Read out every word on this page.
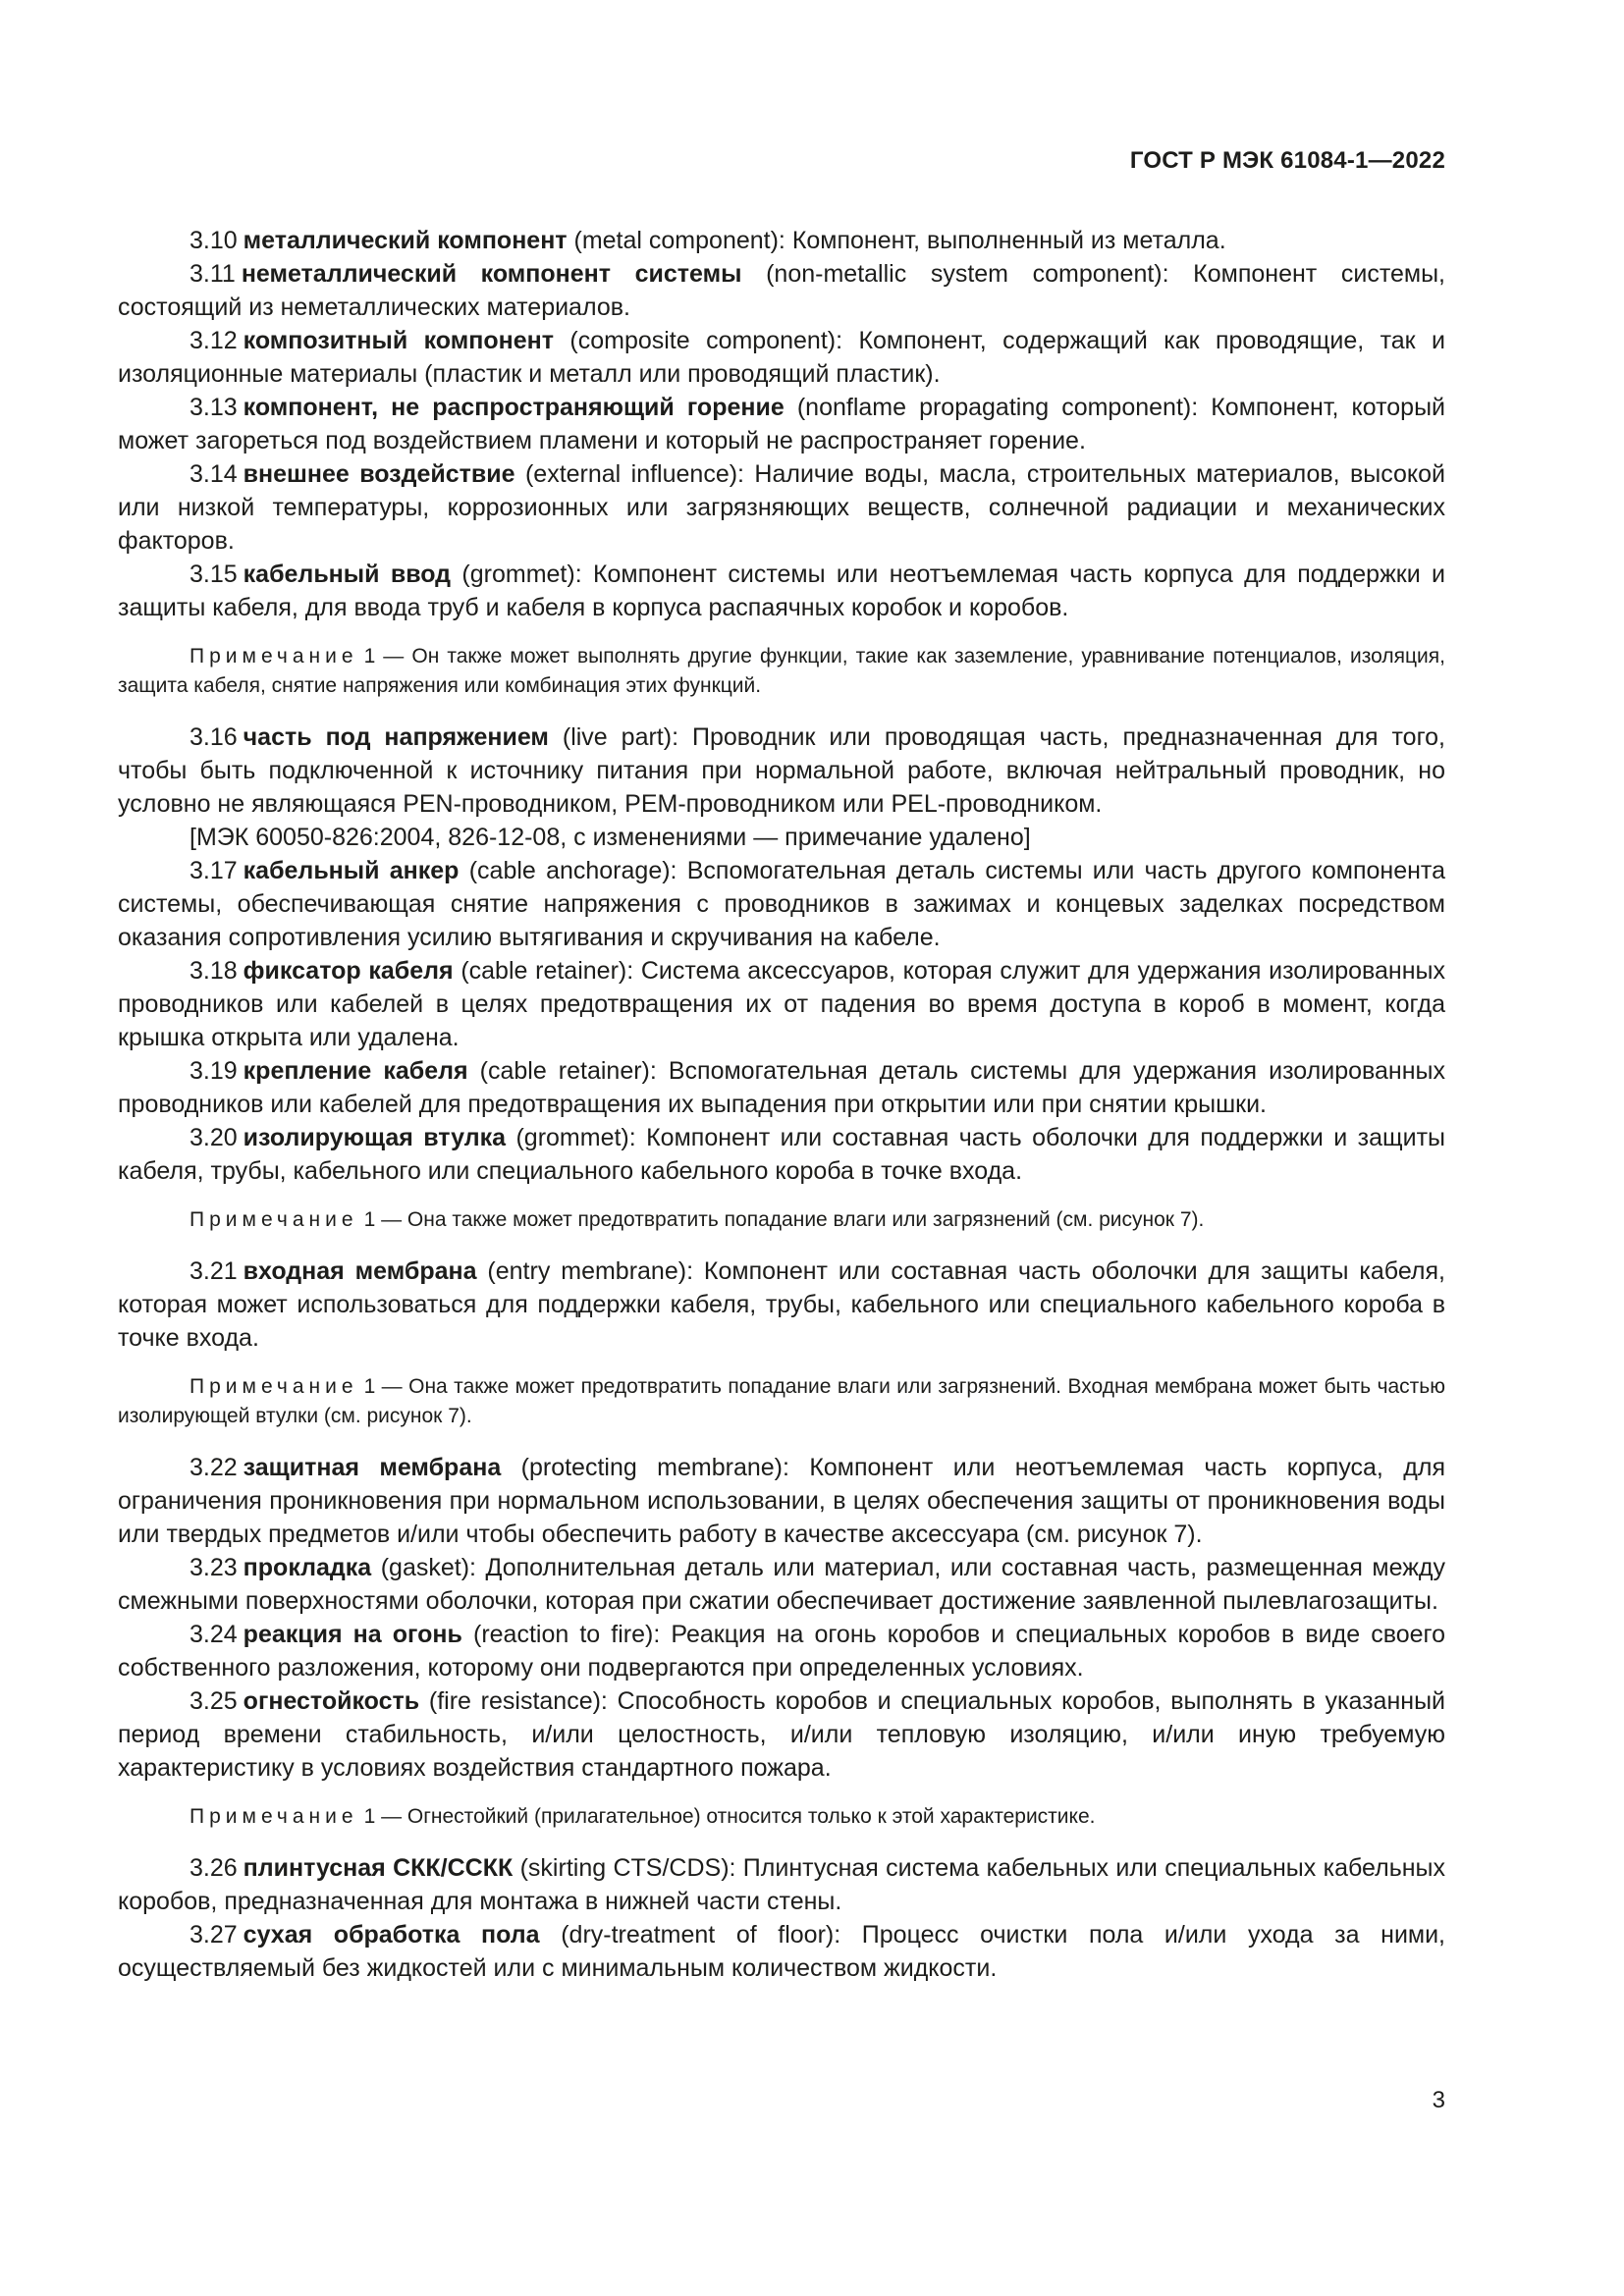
ГОСТ Р МЭК 61084-1—2022

3.10 металлический компонент (metal component): Компонент, выполненный из металла.

3.11 неметаллический компонент системы (non-metallic system component): Компонент системы, состоящий из неметаллических материалов.

3.12 композитный компонент (composite component): Компонент, содержащий как проводящие, так и изоляционные материалы (пластик и металл или проводящий пластик).

3.13 компонент, не распространяющий горение (nonflame propagating component): Компонент, который может загореться под воздействием пламени и который не распространяет горение.

3.14 внешнее воздействие (external influence): Наличие воды, масла, строительных материалов, высокой или низкой температуры, коррозионных или загрязняющих веществ, солнечной радиации и механических факторов.

3.15 кабельный ввод (grommet): Компонент системы или неотъемлемая часть корпуса для поддержки и защиты кабеля, для ввода труб и кабеля в корпуса распаячных коробок и коробов.

Примечание 1 — Он также может выполнять другие функции, такие как заземление, уравнивание потенциалов, изоляция, защита кабеля, снятие напряжения или комбинация этих функций.

3.16 часть под напряжением (live part): Проводник или проводящая часть, предназначенная для того, чтобы быть подключенной к источнику питания при нормальной работе, включая нейтральный проводник, но условно не являющаяся PEN-проводником, PEM-проводником или PEL-проводником.

[МЭК 60050-826:2004, 826-12-08, с изменениями — примечание удалено]

3.17 кабельный анкер (cable anchorage): Вспомогательная деталь системы или часть другого компонента системы, обеспечивающая снятие напряжения с проводников в зажимах и концевых заделках посредством оказания сопротивления усилию вытягивания и скручивания на кабеле.

3.18 фиксатор кабеля (cable retainer): Система аксессуаров, которая служит для удержания изолированных проводников или кабелей в целях предотвращения их от падения во время доступа в короб в момент, когда крышка открыта или удалена.

3.19 крепление кабеля (cable retainer): Вспомогательная деталь системы для удержания изолированных проводников или кабелей для предотвращения их выпадения при открытии или при снятии крышки.

3.20 изолирующая втулка (grommet): Компонент или составная часть оболочки для поддержки и защиты кабеля, трубы, кабельного или специального кабельного короба в точке входа.

Примечание 1 — Она также может предотвратить попадание влаги или загрязнений (см. рисунок 7).

3.21 входная мембрана (entry membrane): Компонент или составная часть оболочки для защиты кабеля, которая может использоваться для поддержки кабеля, трубы, кабельного или специального кабельного короба в точке входа.

Примечание 1 — Она также может предотвратить попадание влаги или загрязнений. Входная мембрана может быть частью изолирующей втулки (см. рисунок 7).

3.22 защитная мембрана (protecting membrane): Компонент или неотъемлемая часть корпуса, для ограничения проникновения при нормальном использовании, в целях обеспечения защиты от проникновения воды или твердых предметов и/или чтобы обеспечить работу в качестве аксессуара (см. рисунок 7).

3.23 прокладка (gasket): Дополнительная деталь или материал, или составная часть, размещенная между смежными поверхностями оболочки, которая при сжатии обеспечивает достижение заявленной пылевлагозащиты.

3.24 реакция на огонь (reaction to fire): Реакция на огонь коробов и специальных коробов в виде своего собственного разложения, которому они подвергаются при определенных условиях.

3.25 огнестойкость (fire resistance): Способность коробов и специальных коробов, выполнять в указанный период времени стабильность, и/или целостность, и/или тепловую изоляцию, и/или иную требуемую характеристику в условиях воздействия стандартного пожара.

Примечание 1 — Огнестойкий (прилагательное) относится только к этой характеристике.

3.26 плинтусная СКК/ССКК (skirting CTS/CDS): Плинтусная система кабельных или специальных кабельных коробов, предназначенная для монтажа в нижней части стены.

3.27 сухая обработка пола (dry-treatment of floor): Процесс очистки пола и/или ухода за ними, осуществляемый без жидкостей или с минимальным количеством жидкости.

3
